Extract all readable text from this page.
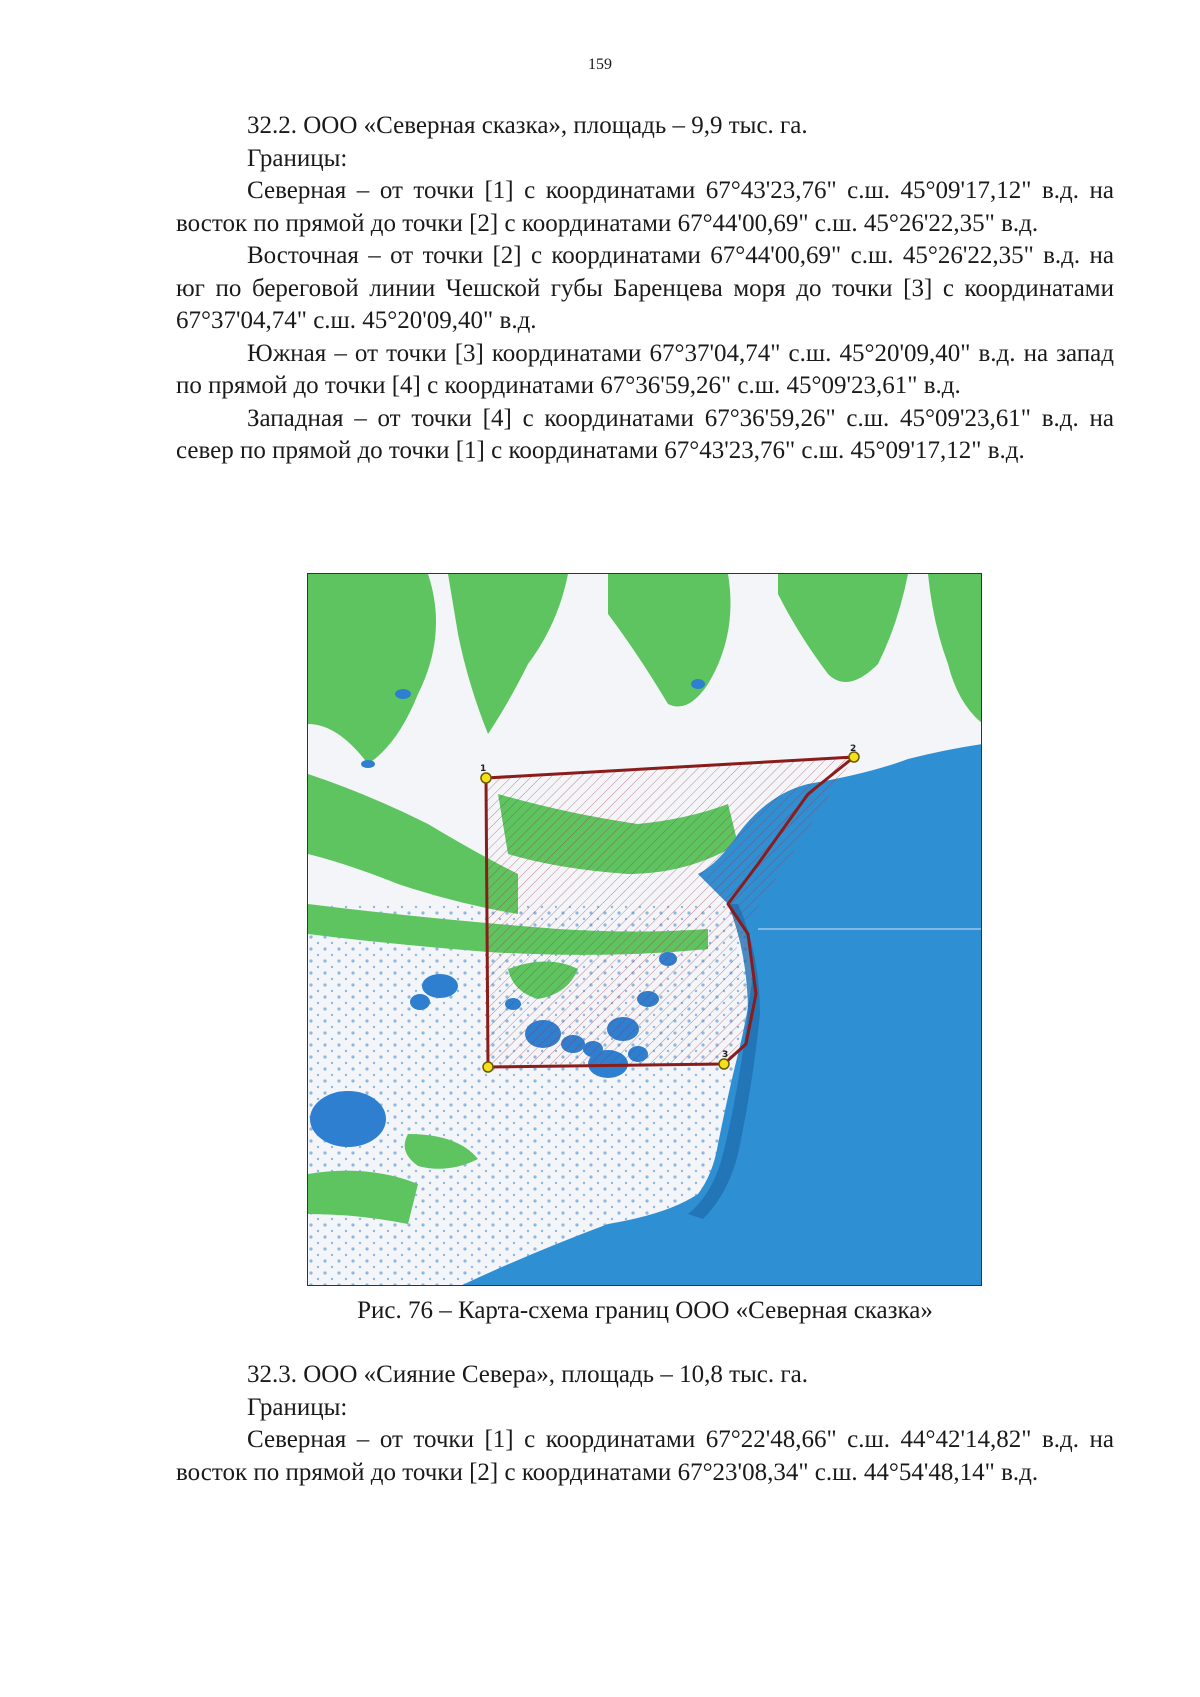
159

32.2. ООО «Северная сказка», площадь – 9,9 тыс. га.

Границы:

Северная – от точки [1] с координатами 67°43'23,76" с.ш. 45°09'17,12" в.д. на восток по прямой до точки [2] с координатами 67°44'00,69" с.ш. 45°26'22,35" в.д.

Восточная – от точки [2] с координатами 67°44'00,69" с.ш. 45°26'22,35" в.д. на юг по береговой линии Чешской губы Баренцева моря до точки [3] с координатами 67°37'04,74" с.ш. 45°20'09,40" в.д.

Южная – от точки [3] координатами 67°37'04,74" с.ш. 45°20'09,40" в.д. на запад по прямой до точки [4] с координатами 67°36'59,26" с.ш. 45°09'23,61" в.д.

Западная – от точки [4] с координатами 67°36'59,26" с.ш. 45°09'23,61" в.д. на север по прямой до точки [1] с координатами 67°43'23,76" с.ш. 45°09'17,12" в.д.

1
2
3
Рис. 76 – Карта-схема границ ООО «Северная сказка»

32.3. ООО «Сияние Севера», площадь – 10,8 тыс. га.

Границы:

Северная – от точки [1] с координатами 67°22'48,66" с.ш. 44°42'14,82" в.д. на восток по прямой до точки [2] с координатами 67°23'08,34" с.ш. 44°54'48,14" в.д.
